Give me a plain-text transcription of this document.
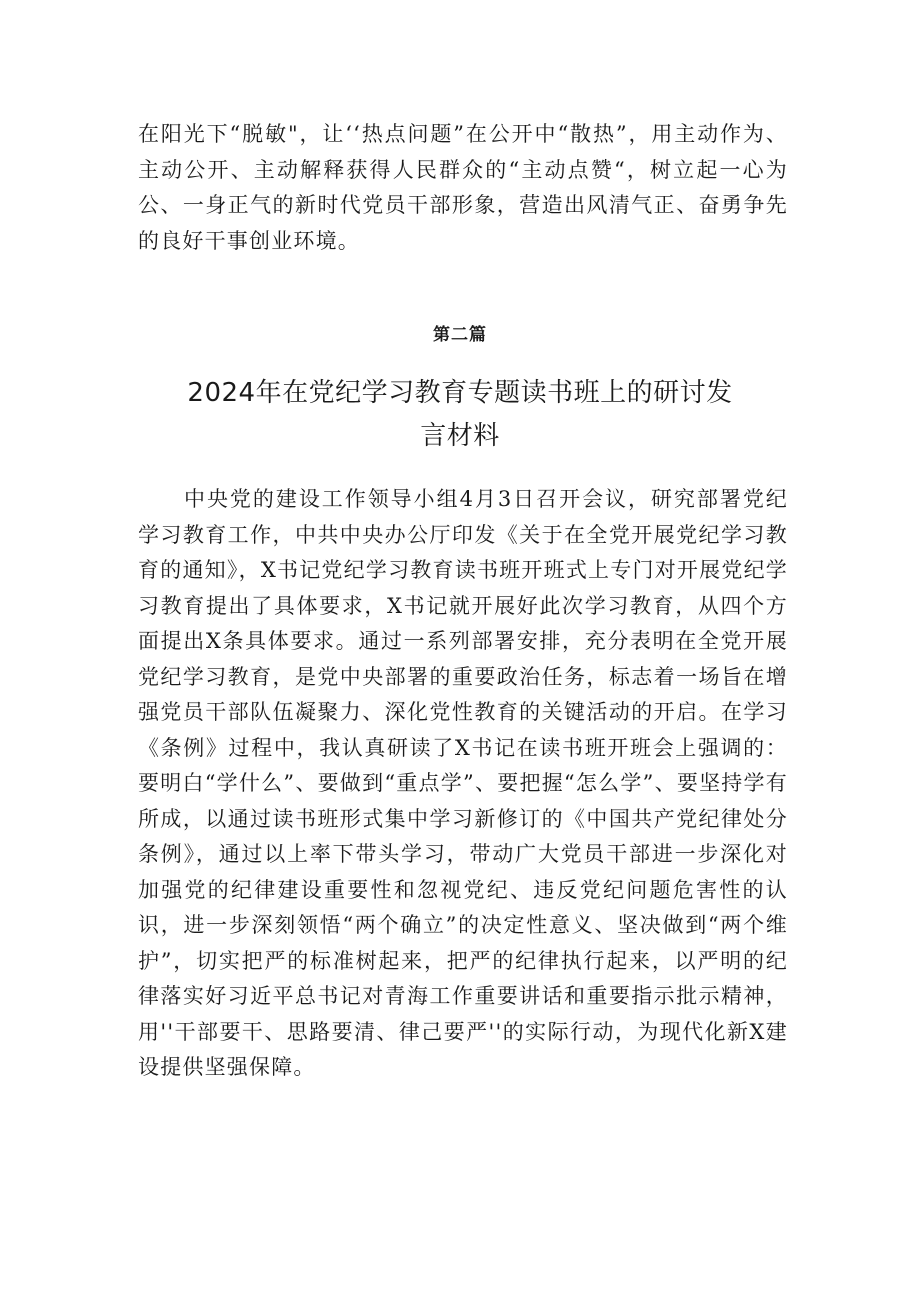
在阳光下“脱敏"，让‘‘热点问题”在公开中“散热”，用主动作为、主动公开、主动解释获得人民群众的“主动点赞“，树立起一心为公、一身正气的新时代党员干部形象，营造出风清气正、奋勇争先的良好干事创业环境。

第二篇
2024年在党纪学习教育专题读书班上的研讨发言材料

中央党的建设工作领导小组4月3日召开会议，研究部署党纪学习教育工作，中共中央办公厅印发《关于在全党开展党纪学习教育的通知》，X书记党纪学习教育读书班开班式上专门对开展党纪学习教育提出了具体要求，X书记就开展好此次学习教育，从四个方面提出X条具体要求。通过一系列部署安排，充分表明在全党开展党纪学习教育，是党中央部署的重要政治任务，标志着一场旨在增强党员干部队伍凝聚力、深化党性教育的关键活动的开启。在学习《条例》过程中，我认真研读了X书记在读书班开班会上强调的：要明白“学什么”、要做到“重点学”、要把握“怎么学”、要坚持学有所成，以通过读书班形式集中学习新修订的《中国共产党纪律处分条例》，通过以上率下带头学习，带动广大党员干部进一步深化对加强党的纪律建设重要性和忽视党纪、违反党纪问题危害性的认识，进一步深刻领悟“两个确立”的决定性意义、坚决做到“两个维护”，切实把严的标准树起来，把严的纪律执行起来，以严明的纪律落实好习近平总书记对青海工作重要讲话和重要指示批示精神，用''干部要干、思路要清、律己要严''的实际行动，为现代化新X建设提供坚强保障。
